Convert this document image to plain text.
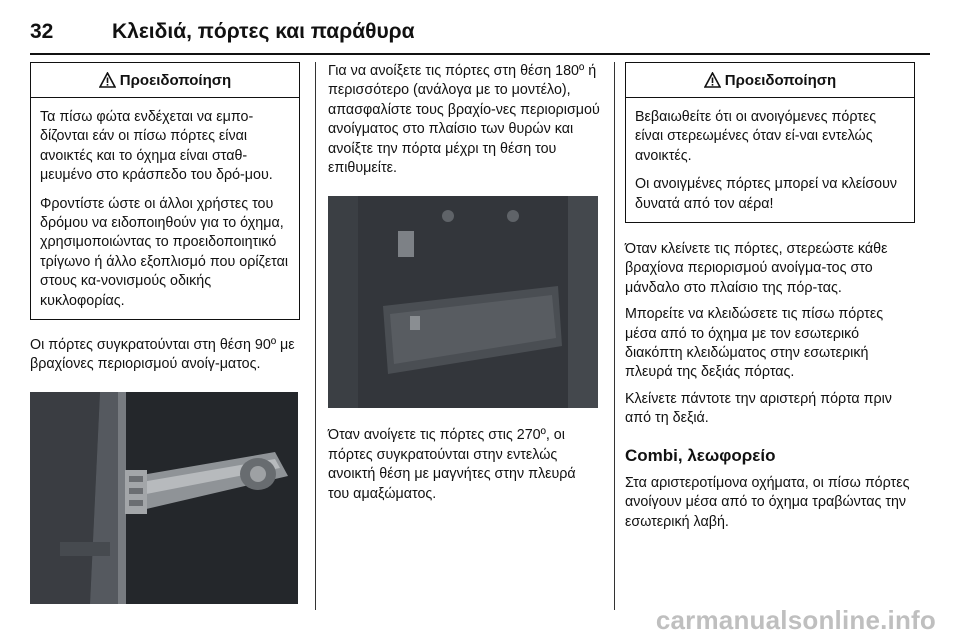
32	Κλειδιά, πόρτες και παράθυρα
Προειδοποίηση

Τα πίσω φώτα ενδέχεται να εμπο-δίζονται εάν οι πίσω πόρτες είναι ανοικτές και το όχημα είναι σταθ-μευμένο στο κράσπεδο του δρό-μου.

Φροντίστε ώστε οι άλλοι χρήστες του δρόμου να ειδοποιηθούν για το όχημα, χρησιμοποιώντας το προειδοποιητικό τρίγωνο ή άλλο εξοπλισμό που ορίζεται στους κα-νονισμούς οδικής κυκλοφορίας.

Οι πόρτες συγκρατούνται στη θέση 90º με βραχίονες περιορισμού ανοίγ-ματος.

Για να ανοίξετε τις πόρτες στη θέση 180º ή περισσότερο (ανάλογα με το μοντέλο), απασφαλίστε τους βραχίο-νες περιορισμού ανοίγματος στο πλαίσιο των θυρών και ανοίξτε την πόρτα μέχρι τη θέση του επιθυμείτε.

Όταν ανοίγετε τις πόρτες στις 270º, οι πόρτες συγκρατούνται στην εντελώς ανοικτή θέση με μαγνήτες στην πλευρά του αμαξώματος.

Προειδοποίηση

Βεβαιωθείτε ότι οι ανοιγόμενες πόρτες είναι στερεωμένες όταν εί-ναι εντελώς ανοικτές.

Οι ανοιγμένες πόρτες μπορεί να κλείσουν δυνατά από τον αέρα!

Όταν κλείνετε τις πόρτες, στερεώστε κάθε βραχίονα περιορισμού ανοίγμα-τος στο μάνδαλο στο πλαίσιο της πόρ-τας.

Μπορείτε να κλειδώσετε τις πίσω πόρτες μέσα από το όχημα με τον εσωτερικό διακόπτη κλειδώματος στην εσωτερική πλευρά της δεξιάς πόρτας.

Κλείνετε πάντοτε την αριστερή πόρτα πριν από τη δεξιά.

Combi, λεωφορείο

Στα αριστεροτίμονα οχήματα, οι πίσω πόρτες ανοίγουν μέσα από το όχημα τραβώντας την εσωτερική λαβή.

carmanualsonline.info
